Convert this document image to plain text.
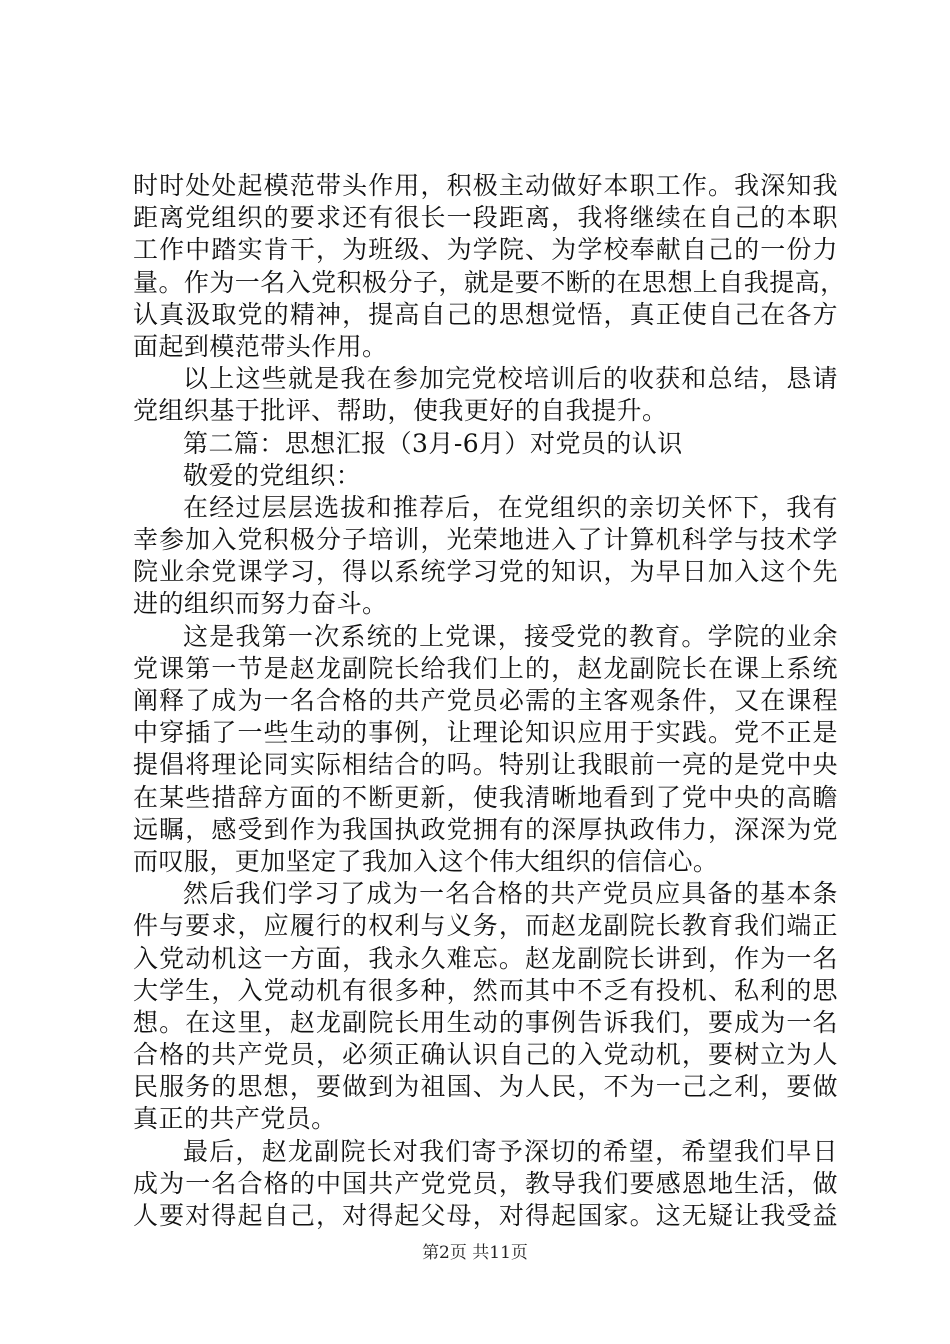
时时处处起模范带头作用，积极主动做好本职工作。我深知我
距离党组织的要求还有很长一段距离，我将继续在自己的本职
工作中踏实肯干，为班级、为学院、为学校奉献自己的一份力
量。作为一名入党积极分子，就是要不断的在思想上自我提高，
认真汲取党的精神，提高自己的思想觉悟，真正使自己在各方
面起到模范带头作用。
以上这些就是我在参加完党校培训后的收获和总结，恳请
党组织基于批评、帮助，使我更好的自我提升。
第二篇：思想汇报（3月-6月）对党员的认识
敬爱的党组织：
在经过层层选拔和推荐后，在党组织的亲切关怀下，我有
幸参加入党积极分子培训，光荣地进入了计算机科学与技术学
院业余党课学习，得以系统学习党的知识，为早日加入这个先
进的组织而努力奋斗。
这是我第一次系统的上党课，接受党的教育。学院的业余
党课第一节是赵龙副院长给我们上的，赵龙副院长在课上系统
阐释了成为一名合格的共产党员必需的主客观条件，又在课程
中穿插了一些生动的事例，让理论知识应用于实践。党不正是
提倡将理论同实际相结合的吗。特别让我眼前一亮的是党中央
在某些措辞方面的不断更新，使我清晰地看到了党中央的高瞻
远瞩，感受到作为我国执政党拥有的深厚执政伟力，深深为党
而叹服，更加坚定了我加入这个伟大组织的信信心。
然后我们学习了成为一名合格的共产党员应具备的基本条
件与要求，应履行的权利与义务，而赵龙副院长教育我们端正
入党动机这一方面，我永久难忘。赵龙副院长讲到，作为一名
大学生，入党动机有很多种，然而其中不乏有投机、私利的思
想。在这里，赵龙副院长用生动的事例告诉我们，要成为一名
合格的共产党员，必须正确认识自己的入党动机，要树立为人
民服务的思想，要做到为祖国、为人民，不为一己之利，要做
真正的共产党员。
最后，赵龙副院长对我们寄予深切的希望，希望我们早日
成为一名合格的中国共产党党员，教导我们要感恩地生活，做
人要对得起自己，对得起父母，对得起国家。这无疑让我受益
第2页 共11页
